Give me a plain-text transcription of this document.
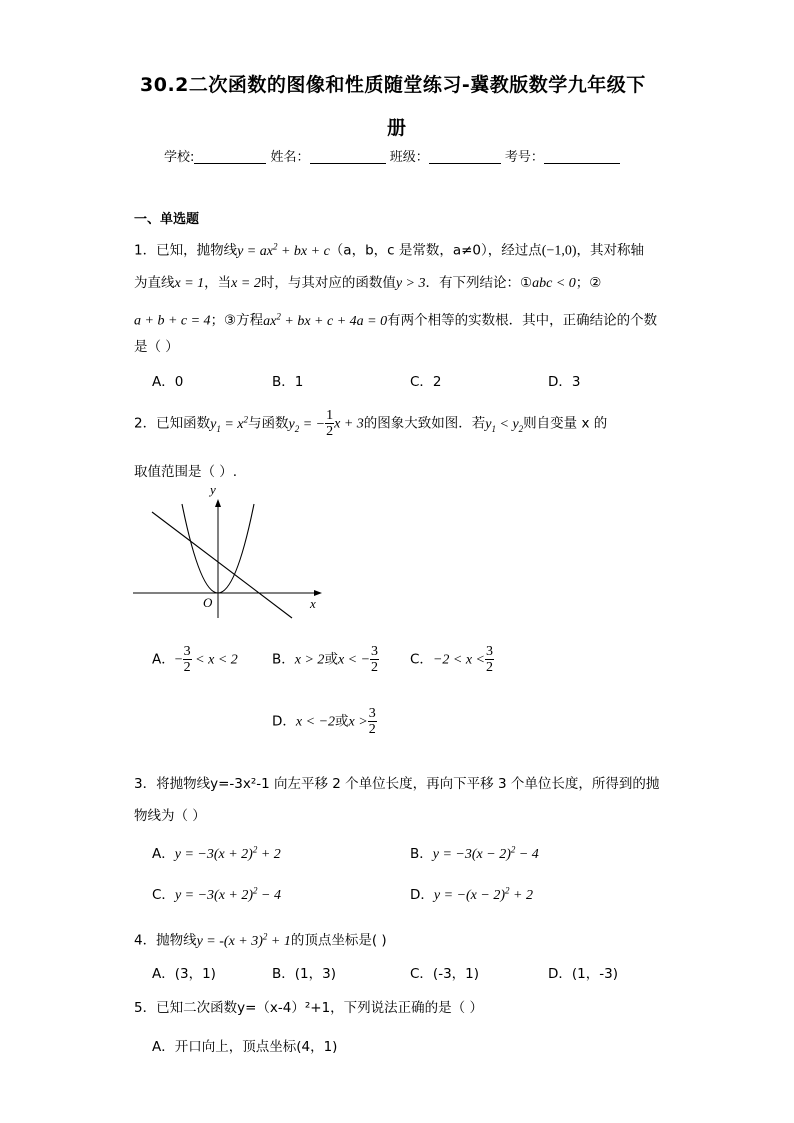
30.2二次函数的图像和性质随堂练习-冀教版数学九年级下
册
学校:	姓名：	班级：	考号：
一、单选题
1．已知，抛物线$y = ax^2$ + bx + c（a，b，c 是常数，a≠0），经过点(−1,0)，其对称轴
为直线x = 1，当x = 2时，与其对应的函数值y > 3．有下列结论：①abc < 0；②
a + b + c = 4；③方程$ax^2$ + bx + c + 4a = 0有两个相等的实数根．其中，正确结论的个数
是（ ）
A．0	B．1	C．2	D．3
2．已知函数$y_1 = x^2$与函数$y_2$ = − $\frac{1}{2}$ x + 3的图象大致如图．若$y_1 < y_2$则自变量 x 的
取值范围是（ ）.
y
x
O
A．− $\frac{3}{2} < x < 2$	B．x > 2或x < − $\frac{3}{2}$ C．$-2 < x < \frac{3}{2}$
D．x < −2或$x > \frac{3}{2}$
3．将抛物线y=-3x²-1 向左平移 2 个单位长度，再向下平移 3 个单位长度，所得到的抛
物线为（ ）
A．$y = -3(x + 2)^2 + 2$	B．$y = -3(x - 2)^2 - 4$
C．$y = -3(x + 2)^2 - 4$	D．$y = -(x - 2)^2 + 2$
4．抛物线$y = -(x + 3)^2 + 1$的顶点坐标是( )
A．(3，1)	B．(1，3)	C．(-3，1)	D．(1，-3)
5．已知二次函数y=（x-4）²+1，下列说法正确的是（ ）
A．开口向上，顶点坐标(4，1)
